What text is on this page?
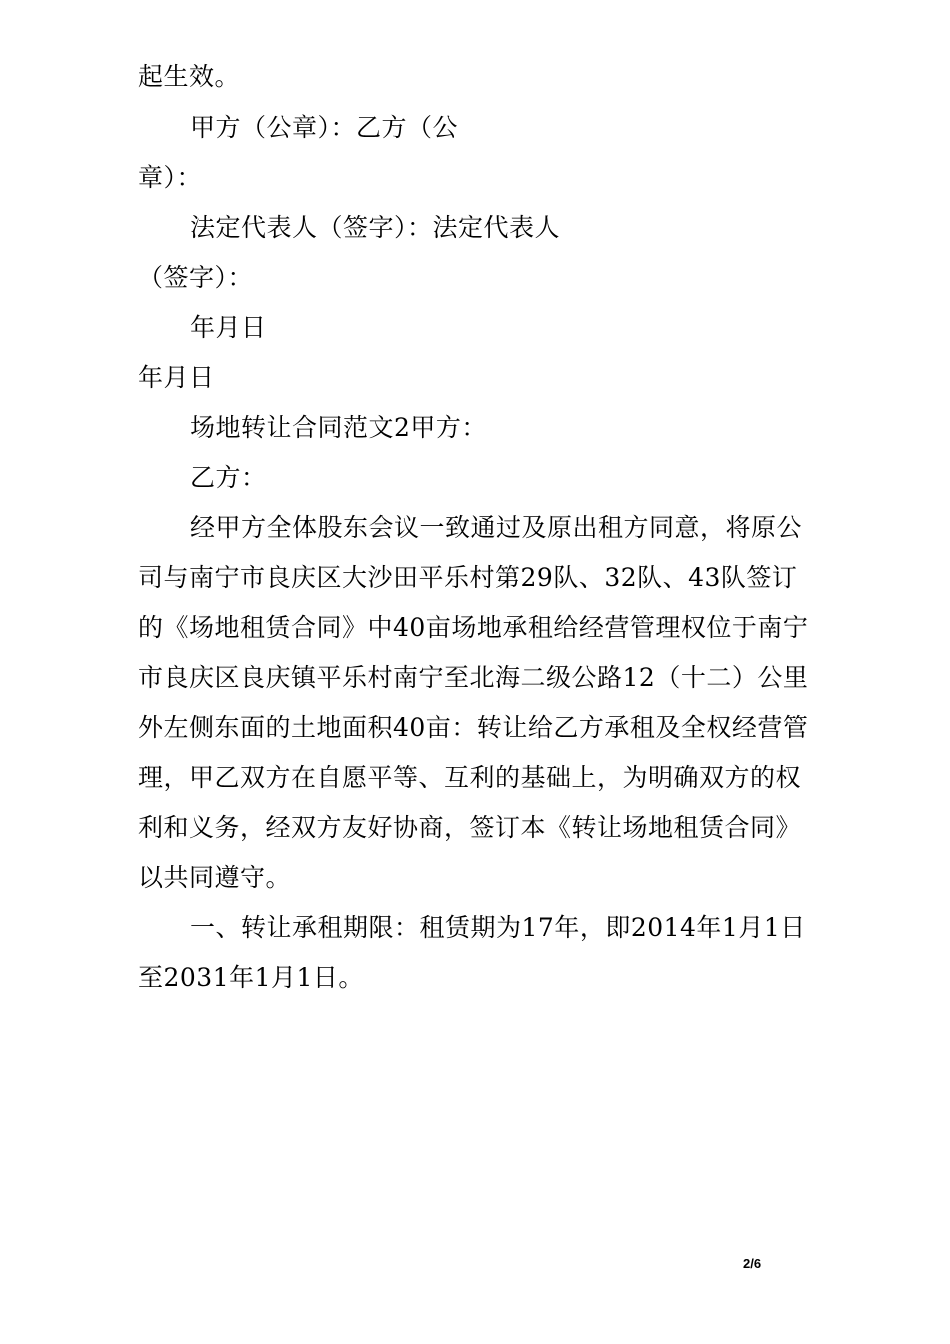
起生效。
甲方（公章）：乙方（公
章）：
法定代表人（签字）：法定代表人
（签字）：
年月日
年月日
场地转让合同范文2甲方：
乙方：
经甲方全体股东会议一致通过及原出租方同意，将原公
司与南宁市良庆区大沙田平乐村第29队、32队、43队签订
的《场地租赁合同》中40亩场地承租给经营管理权位于南宁
市良庆区良庆镇平乐村南宁至北海二级公路12（十二）公里
外左侧东面的土地面积40亩：转让给乙方承租及全权经营管
理，甲乙双方在自愿平等、互利的基础上，为明确双方的权
利和义务，经双方友好协商，签订本《转让场地租赁合同》
以共同遵守。
一、转让承租期限：租赁期为17年，即2014年1月1日
至2031年1月1日。
2/6
